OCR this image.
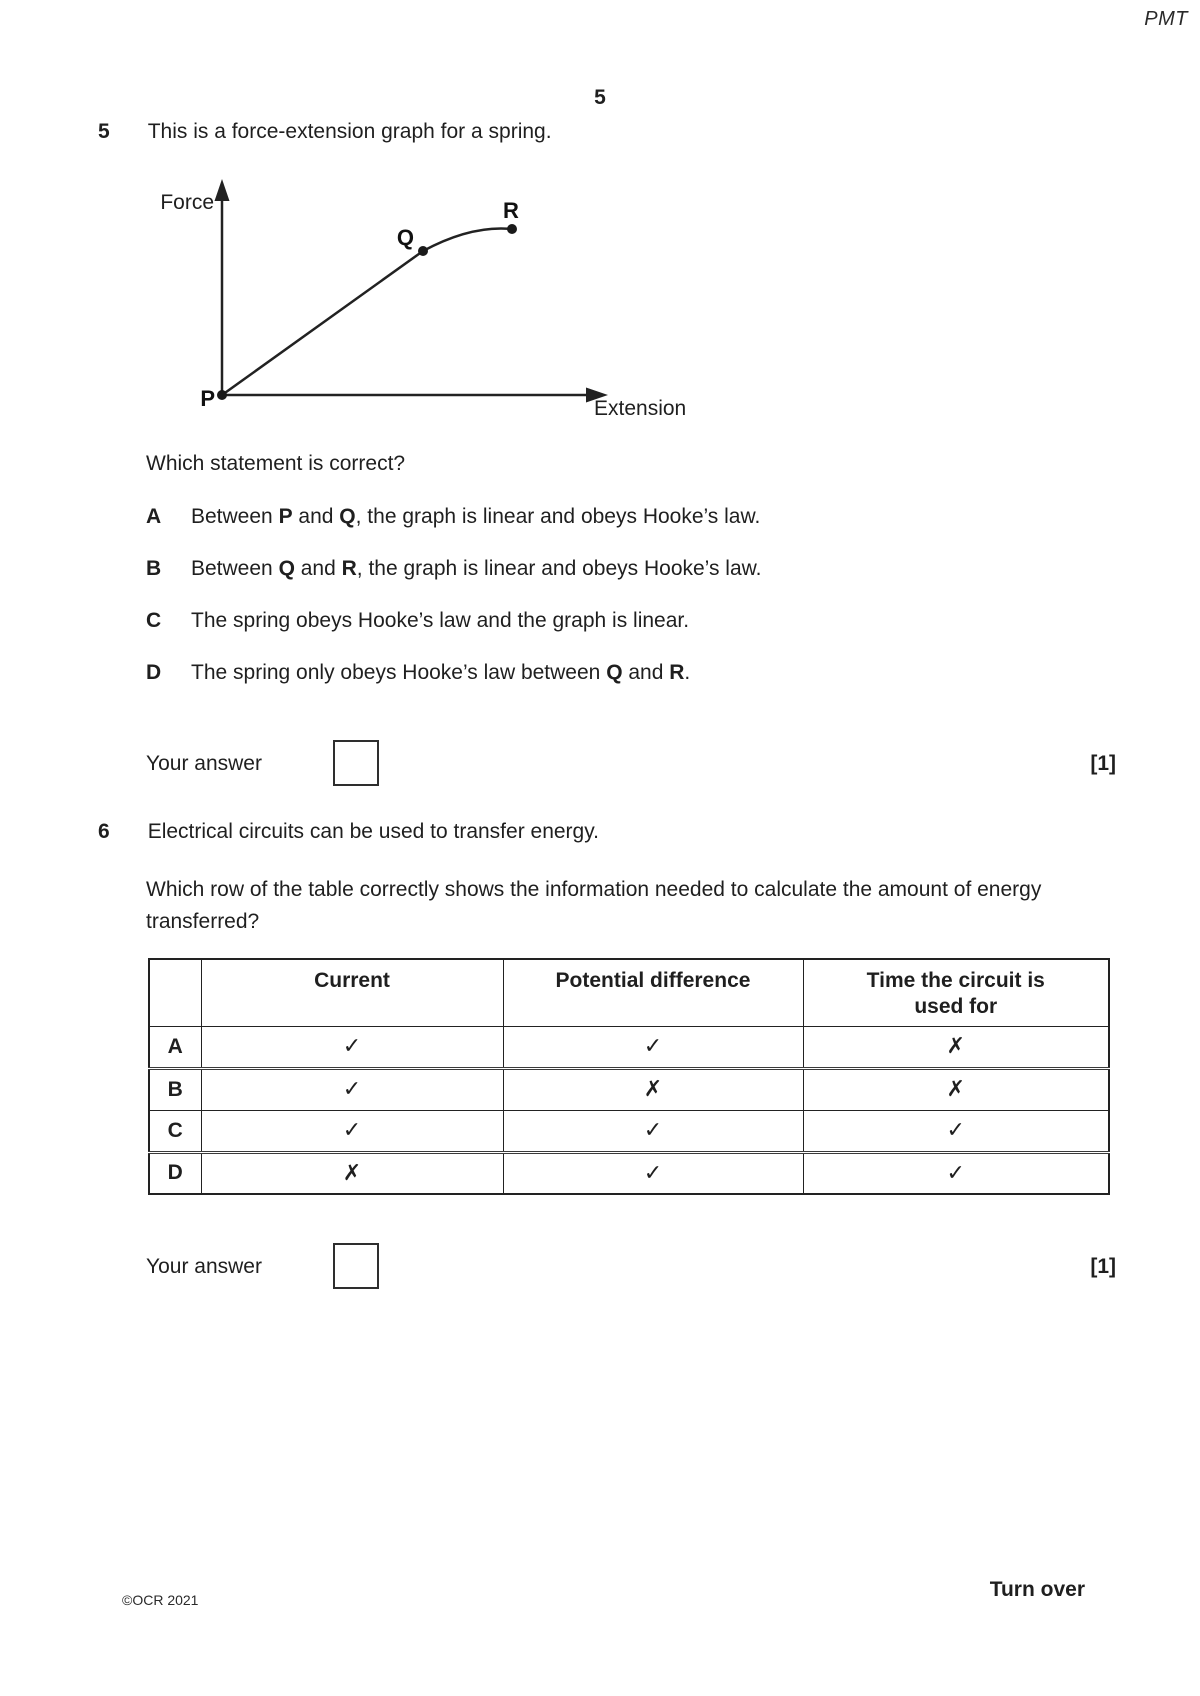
PMT
5
5 This is a force-extension graph for a spring.
Force
Extension
P
Q
R
Which statement is correct?
A	Between P and Q, the graph is linear and obeys Hooke’s law.
B	Between Q and R, the graph is linear and obeys Hooke’s law.
C	The spring obeys Hooke’s law and the graph is linear.
D	The spring only obeys Hooke’s law between Q and R.
Your answer	[1]
6 Electrical circuits can be used to transfer energy.
Which row of the table correctly shows the information needed to calculate the amount of energy transferred?
	Current	Potential difference	Time the circuit is used for
A	✓	✓	✗
B	✓	✗	✗
C	✓	✓	✓
D	✗	✓	✓
Your answer	[1]
©OCR 2021	Turn over
